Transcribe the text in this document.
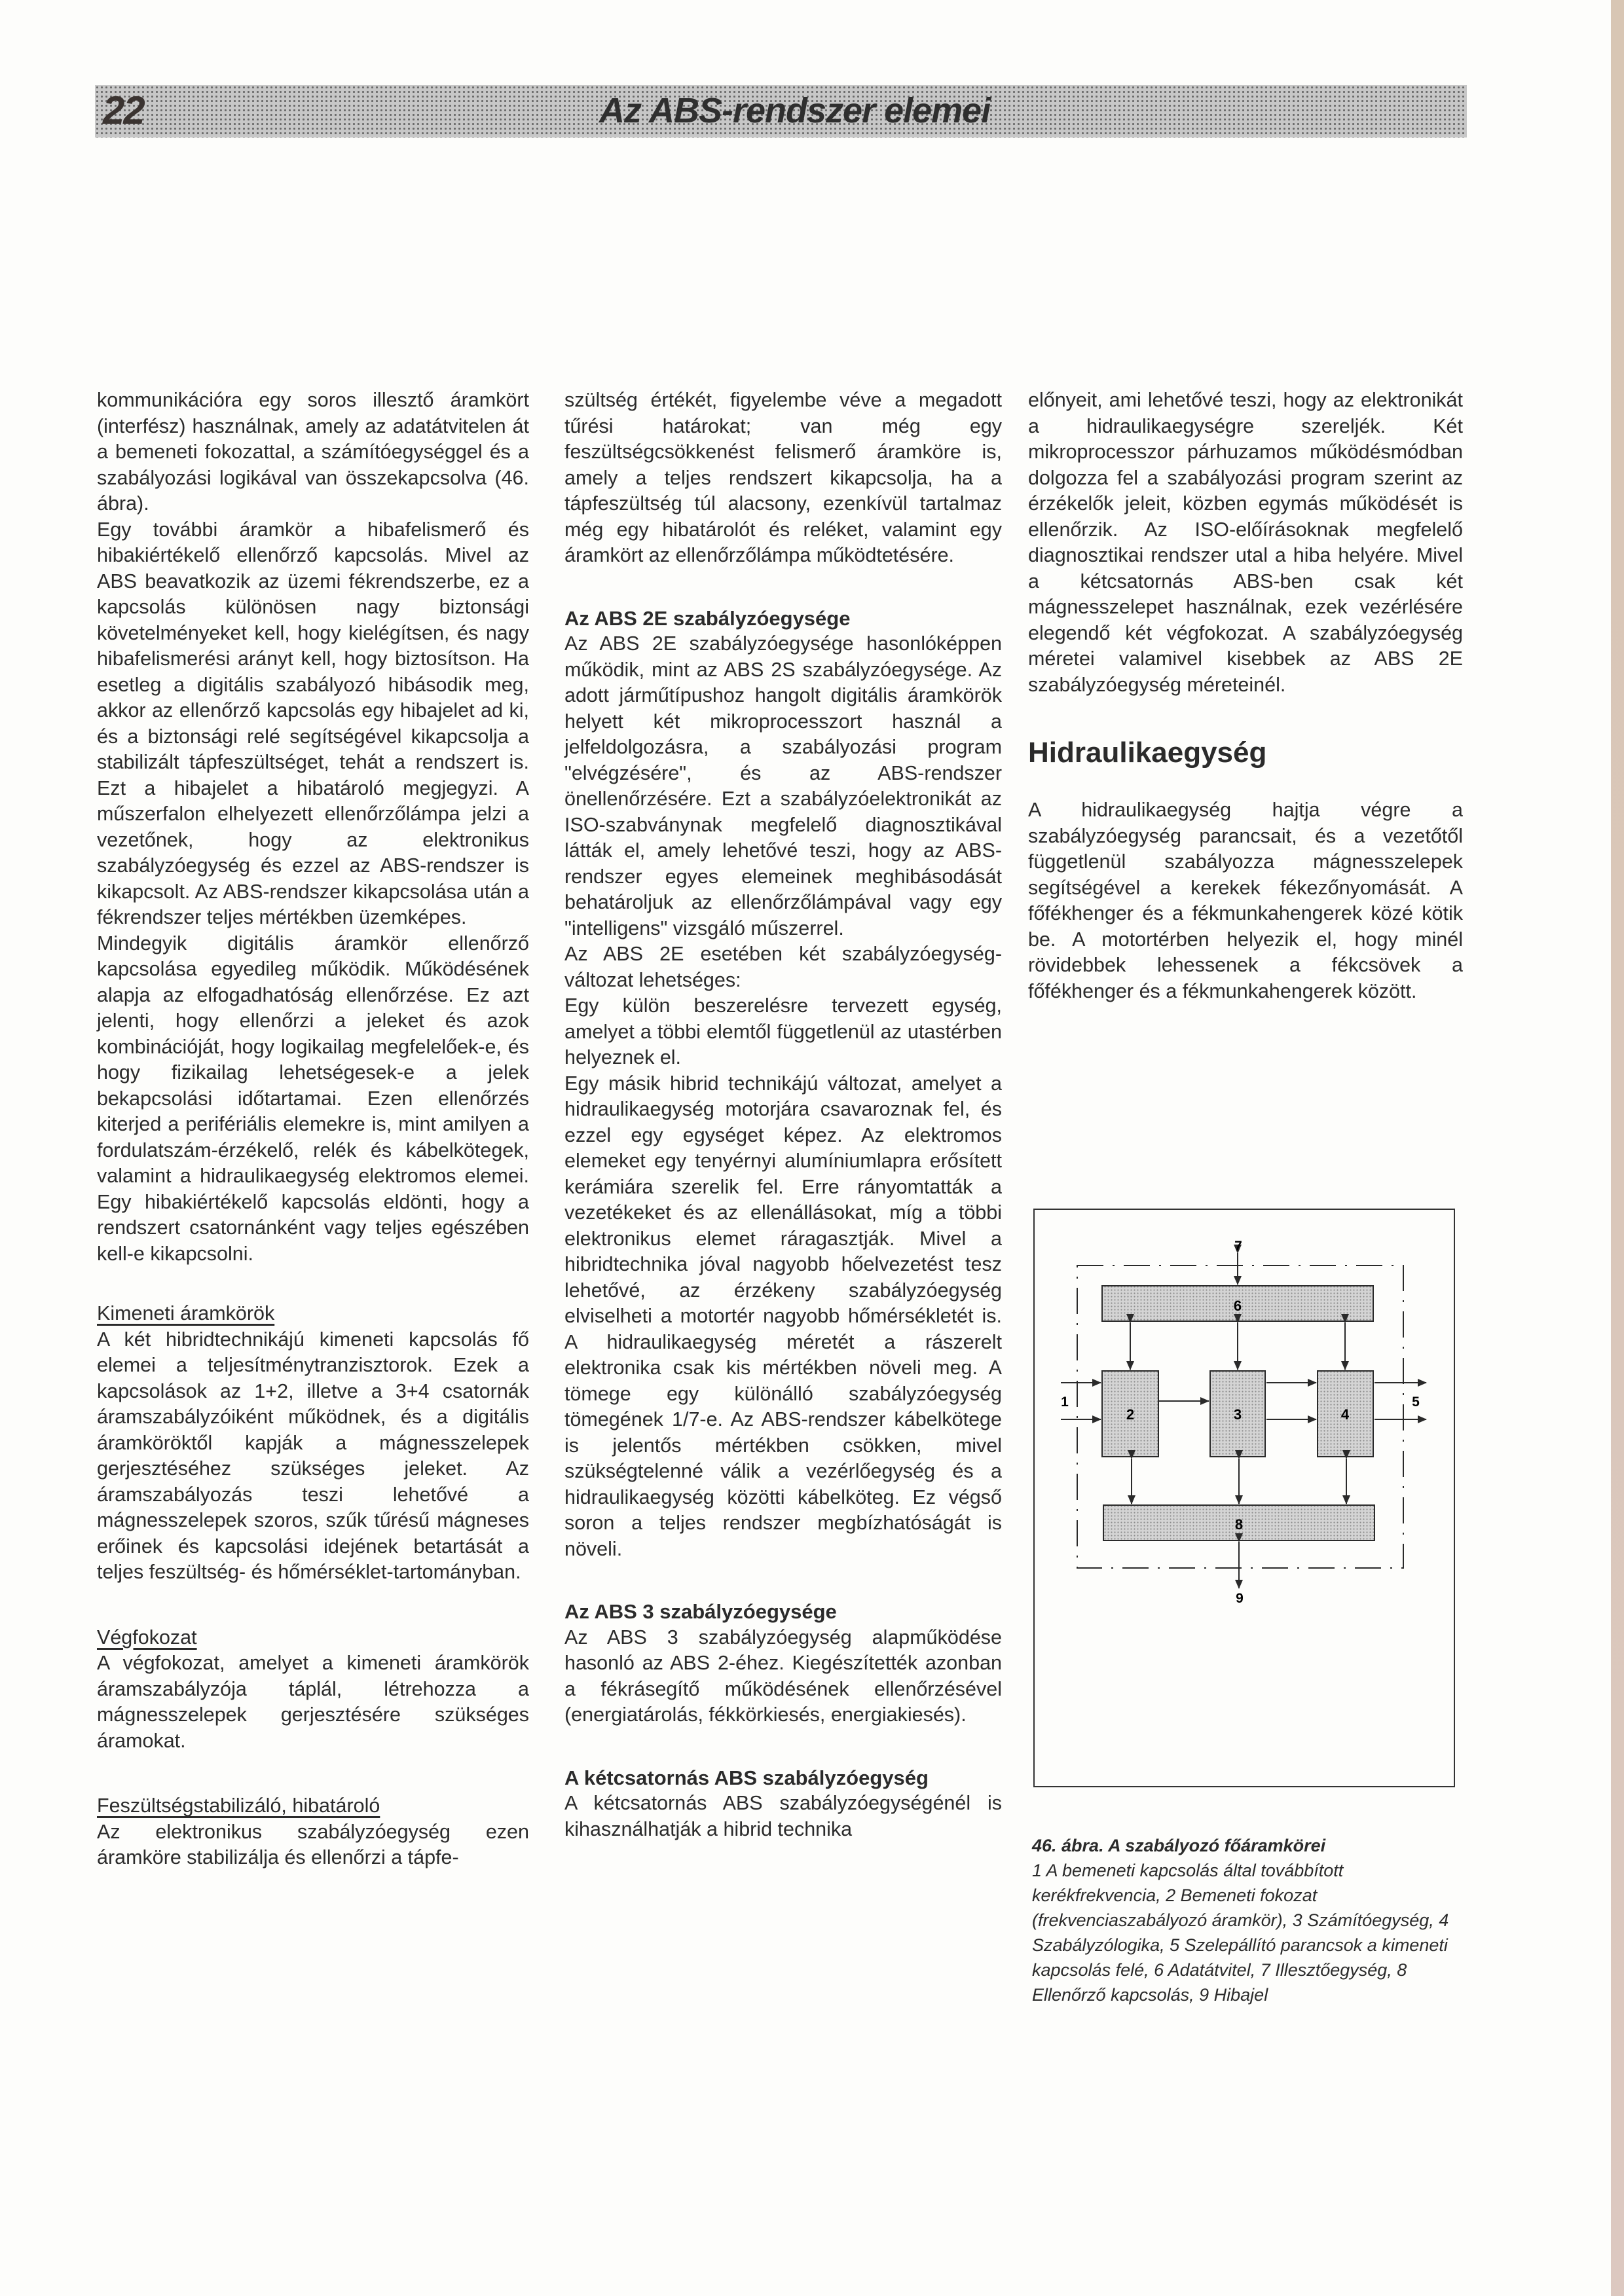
22	Az ABS-rendszer elemei

kommunikációra egy soros illesztő áramkört (interfész) használnak, amely az adatátvitelen át a bemeneti fokozattal, a számítóegységgel és a szabályozási logikával van összekapcsolva (46. ábra).

Egy további áramkör a hibafelismerő és hibakiértékelő ellenőrző kapcsolás. Mivel az ABS beavatkozik az üzemi fékrendszerbe, ez a kapcsolás különösen nagy biztonsági követelményeket kell, hogy kielégítsen, és nagy hibafelismerési arányt kell, hogy biztosítson. Ha esetleg a digitális szabályozó hibásodik meg, akkor az ellenőrző kapcsolás egy hibajelet ad ki, és a biztonsági relé segítségével kikapcsolja a stabilizált tápfeszültséget, tehát a rendszert is. Ezt a hibajelet a hibatároló megjegyzi. A műszerfalon elhelyezett ellenőrzőlámpa jelzi a vezetőnek, hogy az elektronikus szabályzóegység és ezzel az ABS-rendszer is kikapcsolt. Az ABS-rendszer kikapcsolása után a fékrendszer teljes mértékben üzemképes.

Mindegyik digitális áramkör ellenőrző kapcsolása egyedileg működik. Működésének alapja az elfogadhatóság ellenőrzése. Ez azt jelenti, hogy ellenőrzi a jeleket és azok kombinációját, hogy logikailag megfelelőek-e, és hogy fizikailag lehetségesek-e a jelek bekapcsolási időtartamai. Ezen ellenőrzés kiterjed a perifériális elemekre is, mint amilyen a fordulatszám-érzékelő, relék és kábelkötegek, valamint a hidraulikaegység elektromos elemei. Egy hibakiértékelő kapcsolás eldönti, hogy a rendszert csatornánként vagy teljes egészében kell-e kikapcsolni.

Kimeneti áramkörök

A két hibridtechnikájú kimeneti kapcsolás fő elemei a teljesítménytranzisztorok. Ezek a kapcsolások az 1+2, illetve a 3+4 csatornák áramszabályzóiként működnek, és a digitális áramköröktől kapják a mágnesszelepek gerjesztéséhez szükséges jeleket. Az áramszabályozás teszi lehetővé a mágnesszelepek szoros, szűk tűrésű mágneses erőinek és kapcsolási idejének betartását a teljes feszültség- és hőmérséklet-tartományban.

Végfokozat

A végfokozat, amelyet a kimeneti áramkörök áramszabályzója táplál, létrehozza a mágnesszelepek gerjesztésére szükséges áramokat.

Feszültségstabilizáló, hibatároló

Az elektronikus szabályzóegység ezen áramköre stabilizálja és ellenőrzi a tápfe-

szültség értékét, figyelembe véve a megadott tűrési határokat; van még egy feszültségcsökkenést felismerő áramköre is, amely a teljes rendszert kikapcsolja, ha a tápfeszültség túl alacsony, ezenkívül tartalmaz még egy hibatárolót és reléket, valamint egy áramkört az ellenőrzőlámpa működtetésére.

Az ABS 2E szabályzóegysége

Az ABS 2E szabályzóegysége hasonlóképpen működik, mint az ABS 2S szabályzóegysége. Az adott járműtípushoz hangolt digitális áramkörök helyett két mikroprocesszort használ a jelfeldolgozásra, a szabályozási program "elvégzésére", és az ABS-rendszer önellenőrzésére. Ezt a szabályzóelektronikát az ISO-szabványnak megfelelő diagnosztikával látták el, amely lehetővé teszi, hogy az ABS-rendszer egyes elemeinek meghibásodását behatároljuk az ellenőrzőlámpával vagy egy "intelligens" vizsgáló műszerrel.

Az ABS 2E esetében két szabályzóegység-változat lehetséges:

Egy külön beszerelésre tervezett egység, amelyet a többi elemtől függetlenül az utastérben helyeznek el.

Egy másik hibrid technikájú változat, amelyet a hidraulikaegység motorjára csavaroznak fel, és ezzel egy egységet képez. Az elektromos elemeket egy tenyérnyi alumíniumlapra erősített kerámiára szerelik fel. Erre rányomtatták a vezetékeket és az ellenállásokat, míg a többi elektronikus elemet ráragasztják. Mivel a hibridtechnika jóval nagyobb hőelvezetést tesz lehetővé, az érzékeny szabályzóegység elviselheti a motortér nagyobb hőmérsékletét is. A hidraulikaegység méretét a rászerelt elektronika csak kis mértékben növeli meg. A tömege egy különálló szabályzóegység tömegének 1/7-e. Az ABS-rendszer kábelkötege is jelentős mértékben csökken, mivel szükségtelenné válik a vezérlőegység és a hidraulikaegység közötti kábelköteg. Ez végső soron a teljes rendszer megbízhatóságát is növeli.

Az ABS 3 szabályzóegysége

Az ABS 3 szabályzóegység alapműködése hasonló az ABS 2-éhez. Kiegészítették azonban a fékrásegítő működésének ellenőrzésével (energiatárolás, fékkörkiesés, energiakiesés).

A kétcsatornás ABS szabályzóegység

A kétcsatornás ABS szabályzóegységénél is kihasználhatják a hibrid technika

előnyeit, ami lehetővé teszi, hogy az elektronikát a hidraulikaegységre szereljék. Két mikroprocesszor párhuzamos működésmódban dolgozza fel a szabályozási program szerint az érzékelők jeleit, közben egymás működését is ellenőrzik. Az ISO-előírásoknak megfelelő diagnosztikai rendszer utal a hiba helyére. Mivel a kétcsatornás ABS-ben csak két mágnesszelepet használnak, ezek vezérlésére elegendő két végfokozat. A szabályzóegység méretei valamivel kisebbek az ABS 2E szabályzóegység méreteinél.

Hidraulikaegység

A hidraulikaegység hajtja végre a szabályzóegység parancsait, és a vezetőtől függetlenül szabályozza mágnesszelepek segítségével a kerekek fékezőnyomását. A főfékhenger és a fékmunkahengerek közé kötik be. A motortérben helyezik el, hogy minél rövidebbek lehessenek a fékcsövek a főfékhenger és a fékmunkahengerek között.

6
2	3	4
8
7
1	5
9
46. ábra. A szabályozó főáramkörei
1 A bemeneti kapcsolás által továbbított kerékfrekvencia, 2 Bemeneti fokozat (frekvenciaszabályozó áramkör), 3 Számítóegység, 4 Szabályzólogika, 5 Szelepállító parancsok a kimeneti kapcsolás felé, 6 Adatátvitel, 7 Illesztőegység, 8 Ellenőrző kapcsolás, 9 Hibajel
